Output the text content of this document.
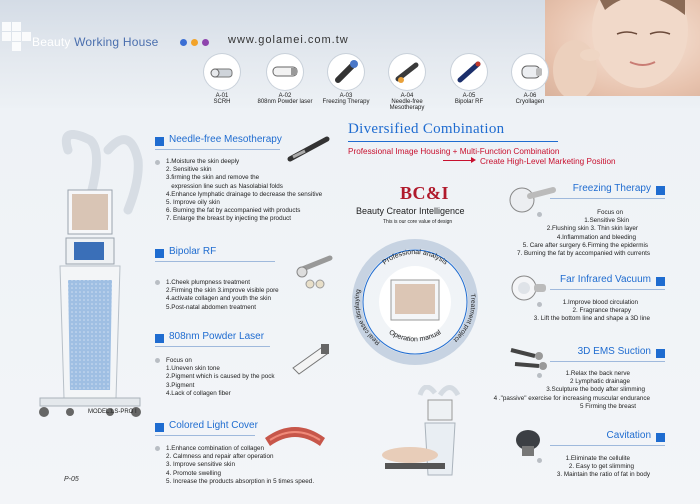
Beauty Working House	www.golamei.com.tw
A-01
SCRH
A-02
808nm Powder laser
A-03
Freezing Therapy
A-04
Needle-free Mesotherapy
A-05
Bipolar RF
A-06
Cryollagen
MODEL:LS-PRO I
P-05
Needle-free Mesotherapy
1.Moisture the skin deeply
2. Sensitive skin
3.firming the skin and remove the
expression line such as Nasolabial folds
4.Enhance lymphatic drainage to decrease the sensitive
5. Improve oily skin
6. Burning the fat by accompanied with products
7. Enlarge the breast by injecting the product
Bipolar RF
1.Cheek plumpness treatment
2.Firming the skin 3.improve visible pore
4.activate collagen and youth the skin
5.Post-natal abdomen treatment
808nm Powder Laser
Focus on
1.Uneven skin tone
2.Pigment which is caused by the pock
3.Pigment
4.Lack of collagen fiber
Colored Light Cover
1.Enhance combination of collagen
2. Calmness and repair after operation
3. Improve sensitive skin
4. Promote swelling
5. Increase the products absorption in 5 times speed.
Diversified Combination
Professional Image Housing + Multi-Function Combination
Create High-Level Marketing Position
BC&I
Beauty Creator Intelligence
This is our core value of design
Professional analysis
Operation manual
Real case displaying
Treatment project
Freezing Therapy
Focus on
1.Sensitive Skin
2.Flushing skin 3. Thin skin layer
4.Inflammation and bleeding
5. Care after surgery 6.Firming the epidermis
7. Burning the fat by accompanied with currents
Far Infrared Vacuum
1.Improve blood circulation
2. Fragrance therapy
3. Lift the bottom line and shape a 3D line
3D EMS Suction
1.Relax the back nerve
2 Lymphatic drainage
3.Sculpture the body after slimming
4 ."passive" exercise for increasing muscular endurance
5 Firming the breast
Cavitation
1.Eliminate the cellulite
2. Easy to get slimming
3. Maintain the ratio of fat in body
